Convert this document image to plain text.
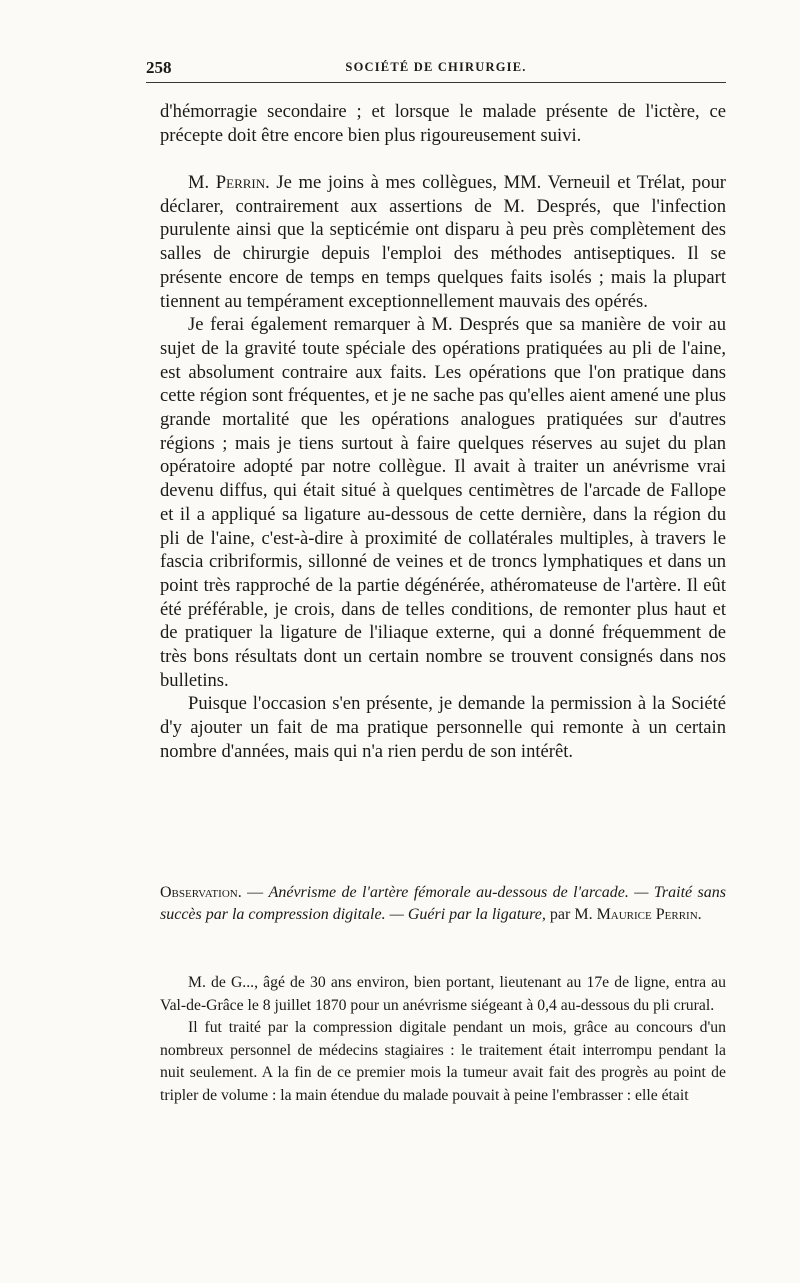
258	SOCIÉTÉ DE CHIRURGIE.

d'hémorragie secondaire ; et lorsque le malade présente de l'ictère, ce précepte doit être encore bien plus rigoureusement suivi.

M. Perrin. Je me joins à mes collègues, MM. Verneuil et Trélat, pour déclarer, contrairement aux assertions de M. Després, que l'infection purulente ainsi que la septicémie ont disparu à peu près complètement des salles de chirurgie depuis l'emploi des méthodes antiseptiques. Il se présente encore de temps en temps quelques faits isolés ; mais la plupart tiennent au tempérament exceptionnellement mauvais des opérés.

Je ferai également remarquer à M. Després que sa manière de voir au sujet de la gravité toute spéciale des opérations pratiquées au pli de l'aine, est absolument contraire aux faits. Les opérations que l'on pratique dans cette région sont fréquentes, et je ne sache pas qu'elles aient amené une plus grande mortalité que les opérations analogues pratiquées sur d'autres régions ; mais je tiens surtout à faire quelques réserves au sujet du plan opératoire adopté par notre collègue. Il avait à traiter un anévrisme vrai devenu diffus, qui était situé à quelques centimètres de l'arcade de Fallope et il a appliqué sa ligature au-dessous de cette dernière, dans la région du pli de l'aine, c'est-à-dire à proximité de collatérales multiples, à travers le fascia cribriformis, sillonné de veines et de troncs lymphatiques et dans un point très rapproché de la partie dégénérée, athéromateuse de l'artère. Il eût été préférable, je crois, dans de telles conditions, de remonter plus haut et de pratiquer la ligature de l'iliaque externe, qui a donné fréquemment de très bons résultats dont un certain nombre se trouvent consignés dans nos bulletins.

Puisque l'occasion s'en présente, je demande la permission à la Société d'y ajouter un fait de ma pratique personnelle qui remonte à un certain nombre d'années, mais qui n'a rien perdu de son intérêt.

Observation. — Anévrisme de l'artère fémorale au-dessous de l'arcade. — Traité sans succès par la compression digitale. — Guéri par la ligature, par M. Maurice Perrin.

M. de G..., âgé de 30 ans environ, bien portant, lieutenant au 17e de ligne, entra au Val-de-Grâce le 8 juillet 1870 pour un anévrisme siégeant à 0,4 au-dessous du pli crural.

Il fut traité par la compression digitale pendant un mois, grâce au concours d'un nombreux personnel de médecins stagiaires : le traitement était interrompu pendant la nuit seulement. A la fin de ce premier mois la tumeur avait fait des progrès au point de tripler de volume : la main étendue du malade pouvait à peine l'embrasser : elle était
